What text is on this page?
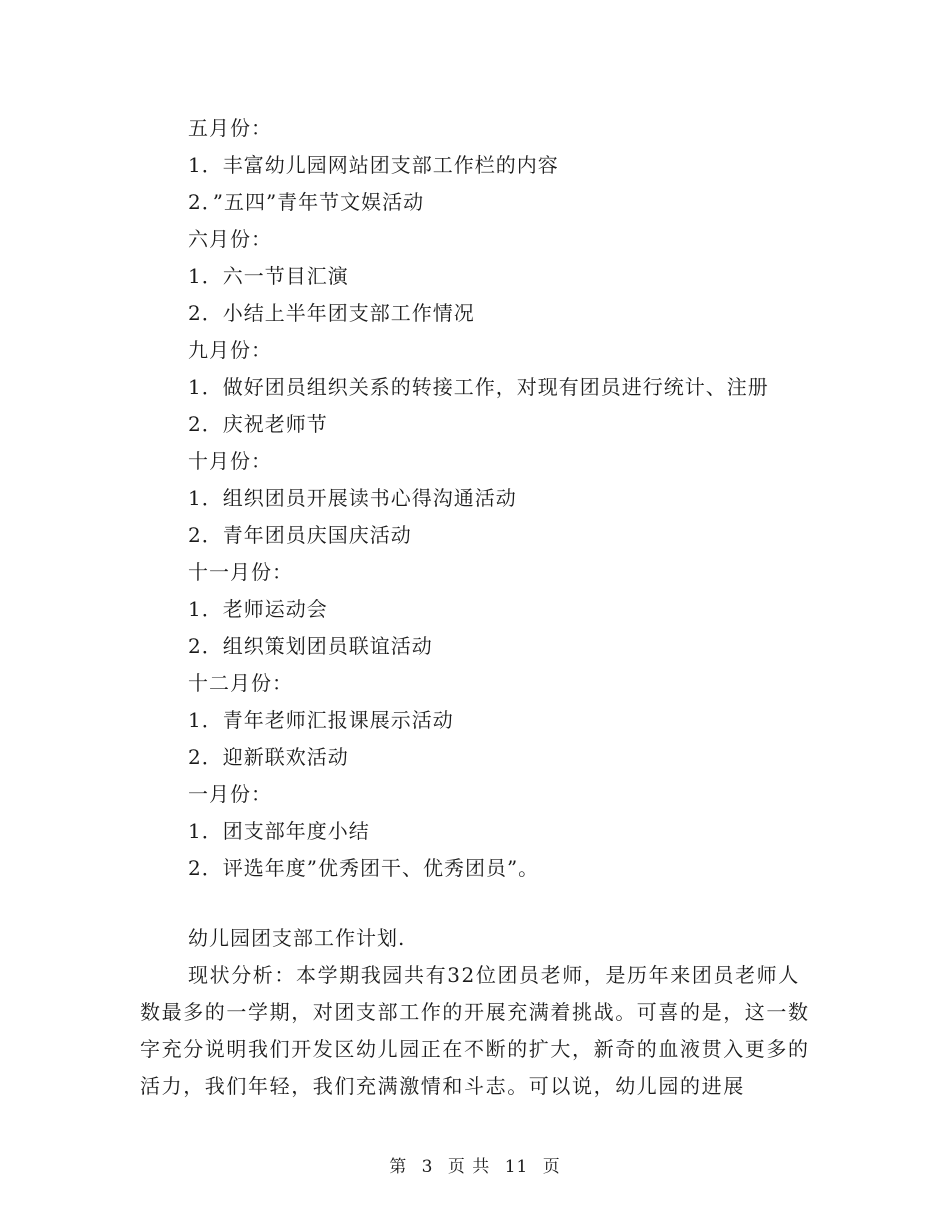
五月份：
1．丰富幼儿园网站团支部工作栏的内容
2．”五四”青年节文娱活动
六月份：
1．六一节目汇演
2．小结上半年团支部工作情况
九月份：
1．做好团员组织关系的转接工作，对现有团员进行统计、注册
2．庆祝老师节
十月份：
1．组织团员开展读书心得沟通活动
2．青年团员庆国庆活动
十一月份：
1．老师运动会
2．组织策划团员联谊活动
十二月份：
1．青年老师汇报课展示活动
2．迎新联欢活动
一月份：
1．团支部年度小结
2．评选年度”优秀团干、优秀团员”。
幼儿园团支部工作计划.

现状分析：本学期我园共有32位团员老师，是历年来团员老师人数最多的一学期，对团支部工作的开展充满着挑战。可喜的是，这一数字充分说明我们开发区幼儿园正在不断的扩大，新奇的血液贯入更多的活力，我们年轻，我们充满激情和斗志。可以说，幼儿园的进展

第 3 页 共 11 页
